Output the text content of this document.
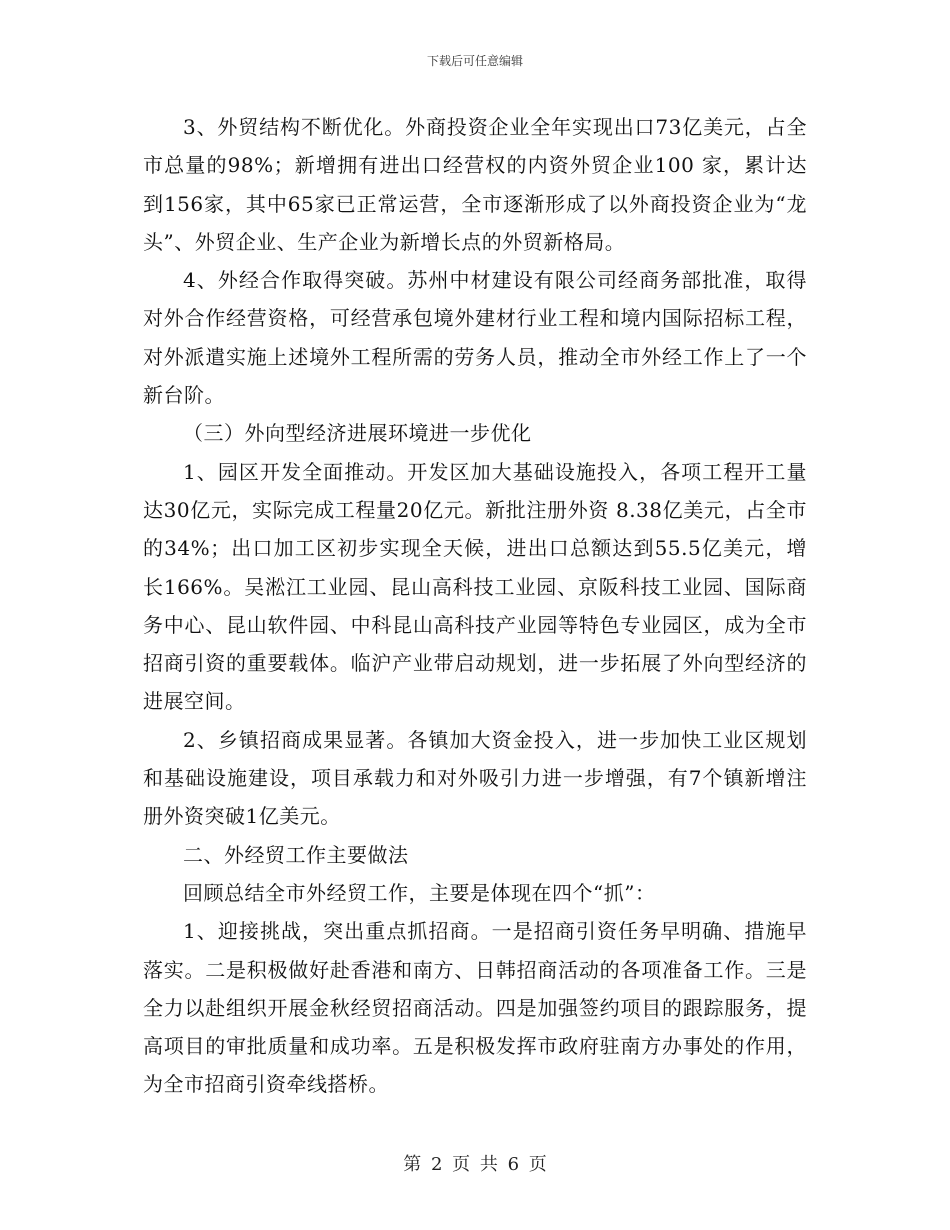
下载后可任意编辑

3、外贸结构不断优化。外商投资企业全年实现出口73亿美元，占全市总量的98%；新增拥有进出口经营权的内资外贸企业100 家，累计达到156家，其中65家已正常运营，全市逐渐形成了以外商投资企业为“龙头”、外贸企业、生产企业为新增长点的外贸新格局。

4、外经合作取得突破。苏州中材建设有限公司经商务部批准，取得对外合作经营资格，可经营承包境外建材行业工程和境内国际招标工程，对外派遣实施上述境外工程所需的劳务人员，推动全市外经工作上了一个新台阶。

（三）外向型经济进展环境进一步优化

1、园区开发全面推动。开发区加大基础设施投入，各项工程开工量达30亿元，实际完成工程量20亿元。新批注册外资 8.38亿美元，占全市的34%；出口加工区初步实现全天候，进出口总额达到55.5亿美元，增长166%。吴淞江工业园、昆山高科技工业园、京阪科技工业园、国际商务中心、昆山软件园、中科昆山高科技产业园等特色专业园区，成为全市招商引资的重要载体。临沪产业带启动规划，进一步拓展了外向型经济的进展空间。

2、乡镇招商成果显著。各镇加大资金投入，进一步加快工业区规划和基础设施建设，项目承载力和对外吸引力进一步增强，有7个镇新增注册外资突破1亿美元。

二、外经贸工作主要做法

回顾总结全市外经贸工作，主要是体现在四个“抓”：

1、迎接挑战，突出重点抓招商。一是招商引资任务早明确、措施早落实。二是积极做好赴香港和南方、日韩招商活动的各项准备工作。三是全力以赴组织开展金秋经贸招商活动。四是加强签约项目的跟踪服务，提高项目的审批质量和成功率。五是积极发挥市政府驻南方办事处的作用，为全市招商引资牵线搭桥。

第 2 页 共 6 页
